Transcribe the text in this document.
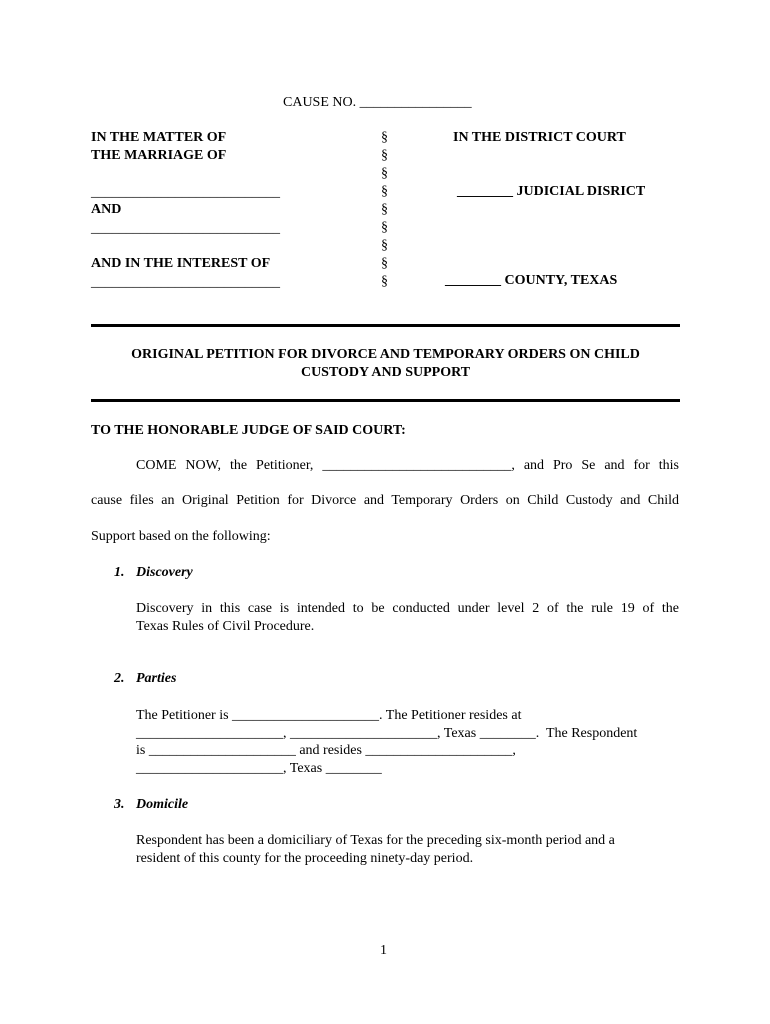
CAUSE NO. ________________
IN THE MATTER OF
THE MARRIAGE OF
___________________________
AND
___________________________
AND IN THE INTEREST OF
___________________________
§
§
§
§
§
§
§
§
§
IN THE DISTRICT COURT
________ JUDICIAL DISRICT
________ COUNTY, TEXAS
ORIGINAL PETITION FOR DIVORCE AND TEMPORARY ORDERS ON CHILD
CUSTODY AND SUPPORT
TO THE HONORABLE JUDGE OF SAID COURT:
COME NOW, the Petitioner, ___________________________, and Pro Se and for this
cause files an Original Petition for Divorce and Temporary Orders on Child Custody and Child
Support based on the following:
1. Discovery
Discovery in this case is intended to be conducted under level 2 of the rule 19 of the
Texas Rules of Civil Procedure.
2. Parties
The Petitioner is _____________________. The Petitioner resides at
_____________________, _____________________, Texas ________.  The Respondent
is _____________________ and resides _____________________,
_____________________, Texas ________
3. Domicile
Respondent has been a domiciliary of Texas for the preceding six-month period and a
resident of this county for the proceeding ninety-day period.
1
